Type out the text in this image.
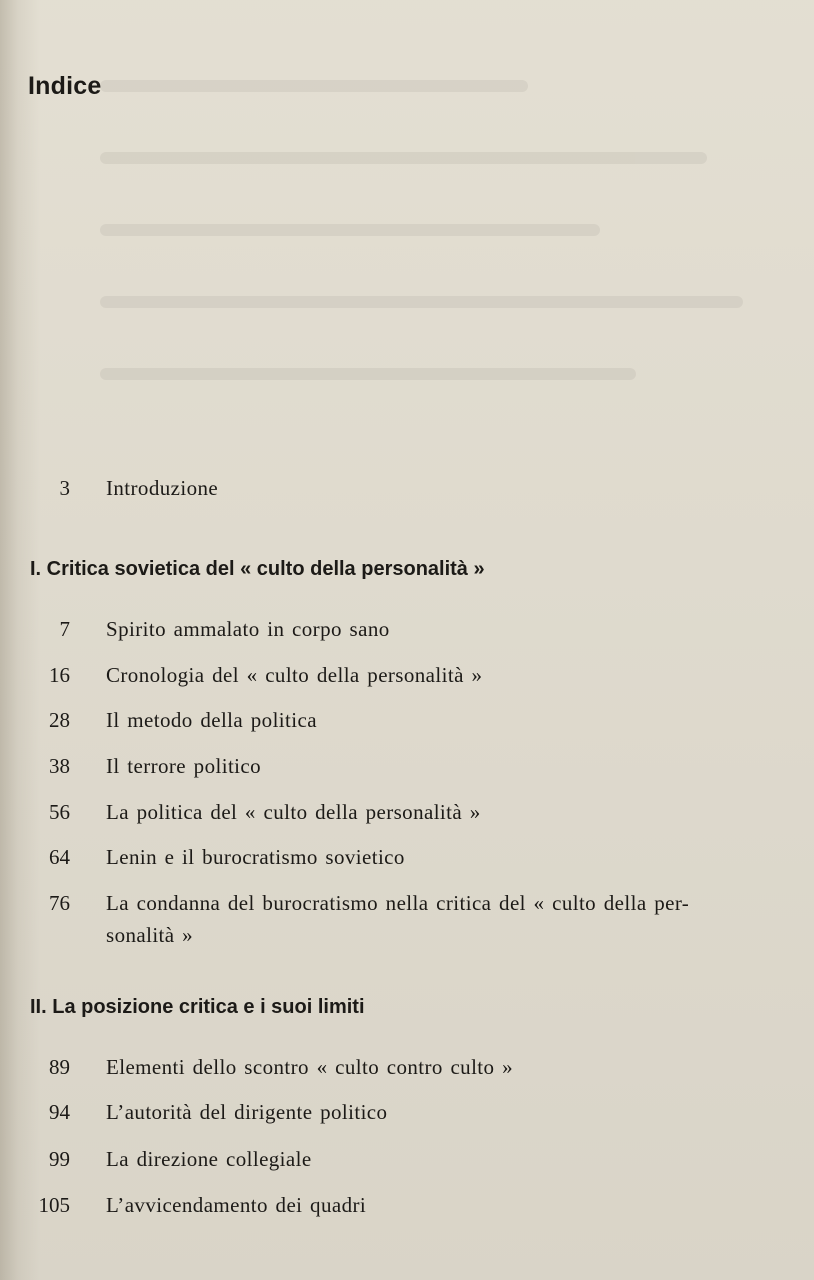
Indice
3 Introduzione
I. Critica sovietica del « culto della personalità »
7 Spirito ammalato in corpo sano
16 Cronologia del « culto della personalità »
28 Il metodo della politica
38 Il terrore politico
56 La politica del « culto della personalità »
64 Lenin e il burocratismo sovietico
76 La condanna del burocratismo nella critica del « culto della per-
sonalità »
II. La posizione critica e i suoi limiti
89 Elementi dello scontro « culto contro culto »
94 L’autorità del dirigente politico
99 La direzione collegiale
105 L’avvicendamento dei quadri
